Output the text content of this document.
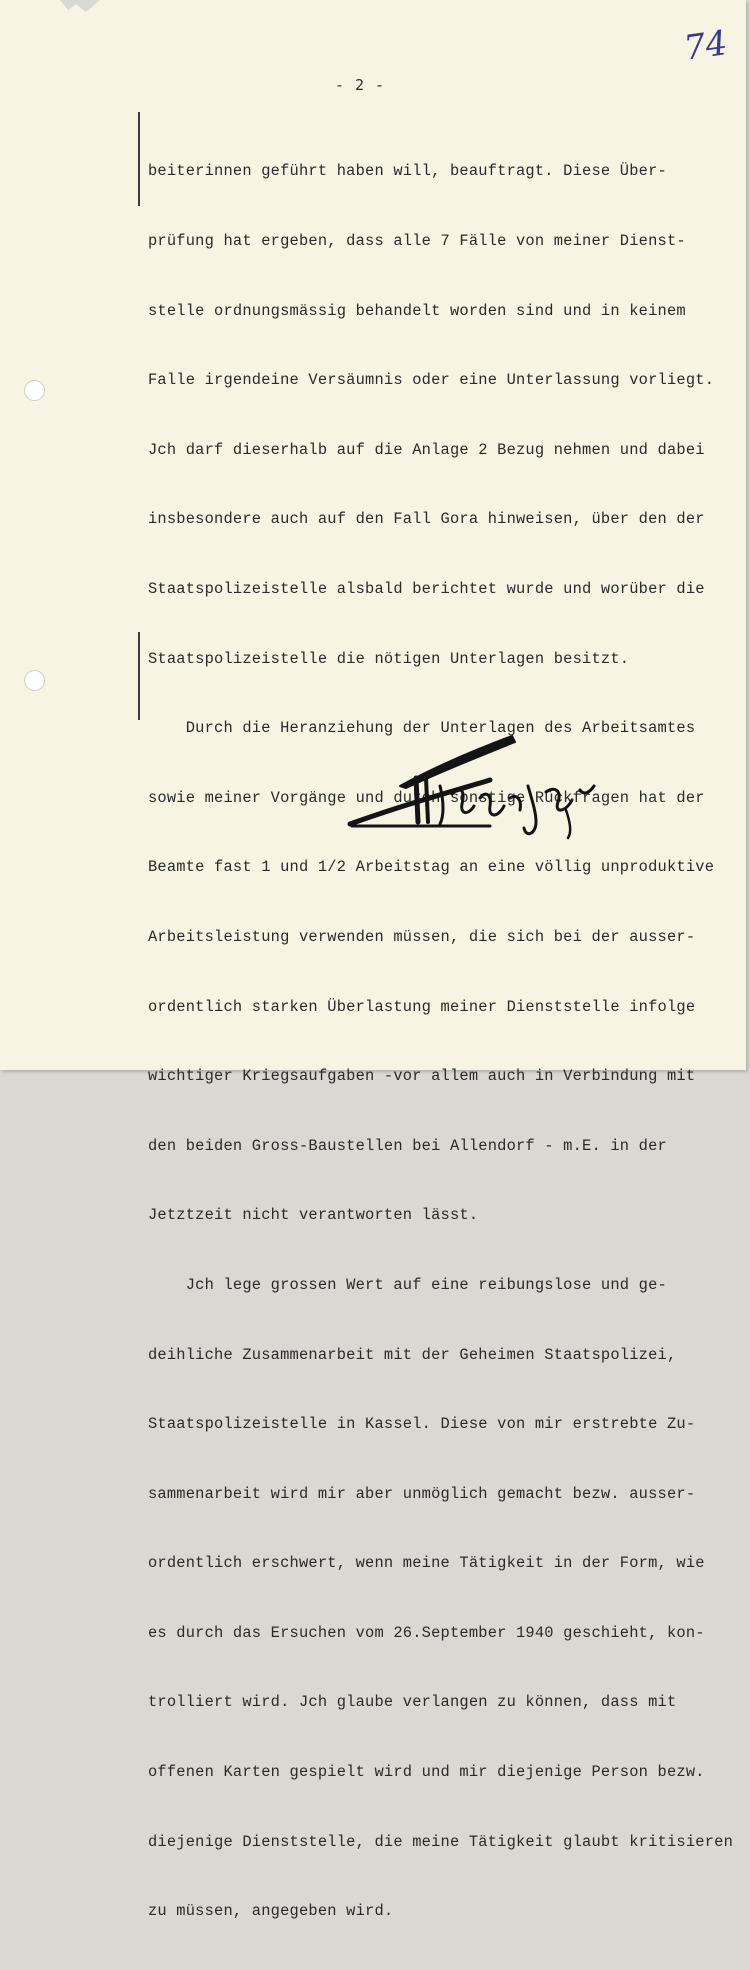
74
- 2 -

beiterinnen geführt haben will, beauftragt. Diese Über-

prüfung hat ergeben, dass alle 7 Fälle von meiner Dienst-

stelle ordnungsmässig behandelt worden sind und in keinem

Falle irgendeine Versäumnis oder eine Unterlassung vorliegt.

Jch darf dieserhalb auf die Anlage 2 Bezug nehmen und dabei

insbesondere auch auf den Fall Gora hinweisen, über den der

Staatspolizeistelle alsbald berichtet wurde und worüber die

Staatspolizeistelle die nötigen Unterlagen besitzt.

Durch die Heranziehung der Unterlagen des Arbeitsamtes

sowie meiner Vorgänge und durch sonstige Rückfragen hat der

Beamte fast 1 und 1/2 Arbeitstag an eine völlig unproduktive

Arbeitsleistung verwenden müssen, die sich bei der ausser-

ordentlich starken Überlastung meiner Dienststelle infolge

wichtiger Kriegsaufgaben -vor allem auch in Verbindung mit

den beiden Gross-Baustellen bei Allendorf - m.E. in der

Jetztzeit nicht verantworten lässt.

Jch lege grossen Wert auf eine reibungslose und ge-

deihliche Zusammenarbeit mit der Geheimen Staatspolizei,

Staatspolizeistelle in Kassel. Diese von mir erstrebte Zu-

sammenarbeit wird mir aber unmöglich gemacht bezw. ausser-

ordentlich erschwert, wenn meine Tätigkeit in der Form, wie

es durch das Ersuchen vom 26.September 1940 geschieht, kon-

trolliert wird. Jch glaube verlangen zu können, dass mit

offenen Karten gespielt wird und mir diejenige Person bezw.

diejenige Dienststelle, die meine Tätigkeit glaubt kritisieren

zu müssen, angegeben wird.
